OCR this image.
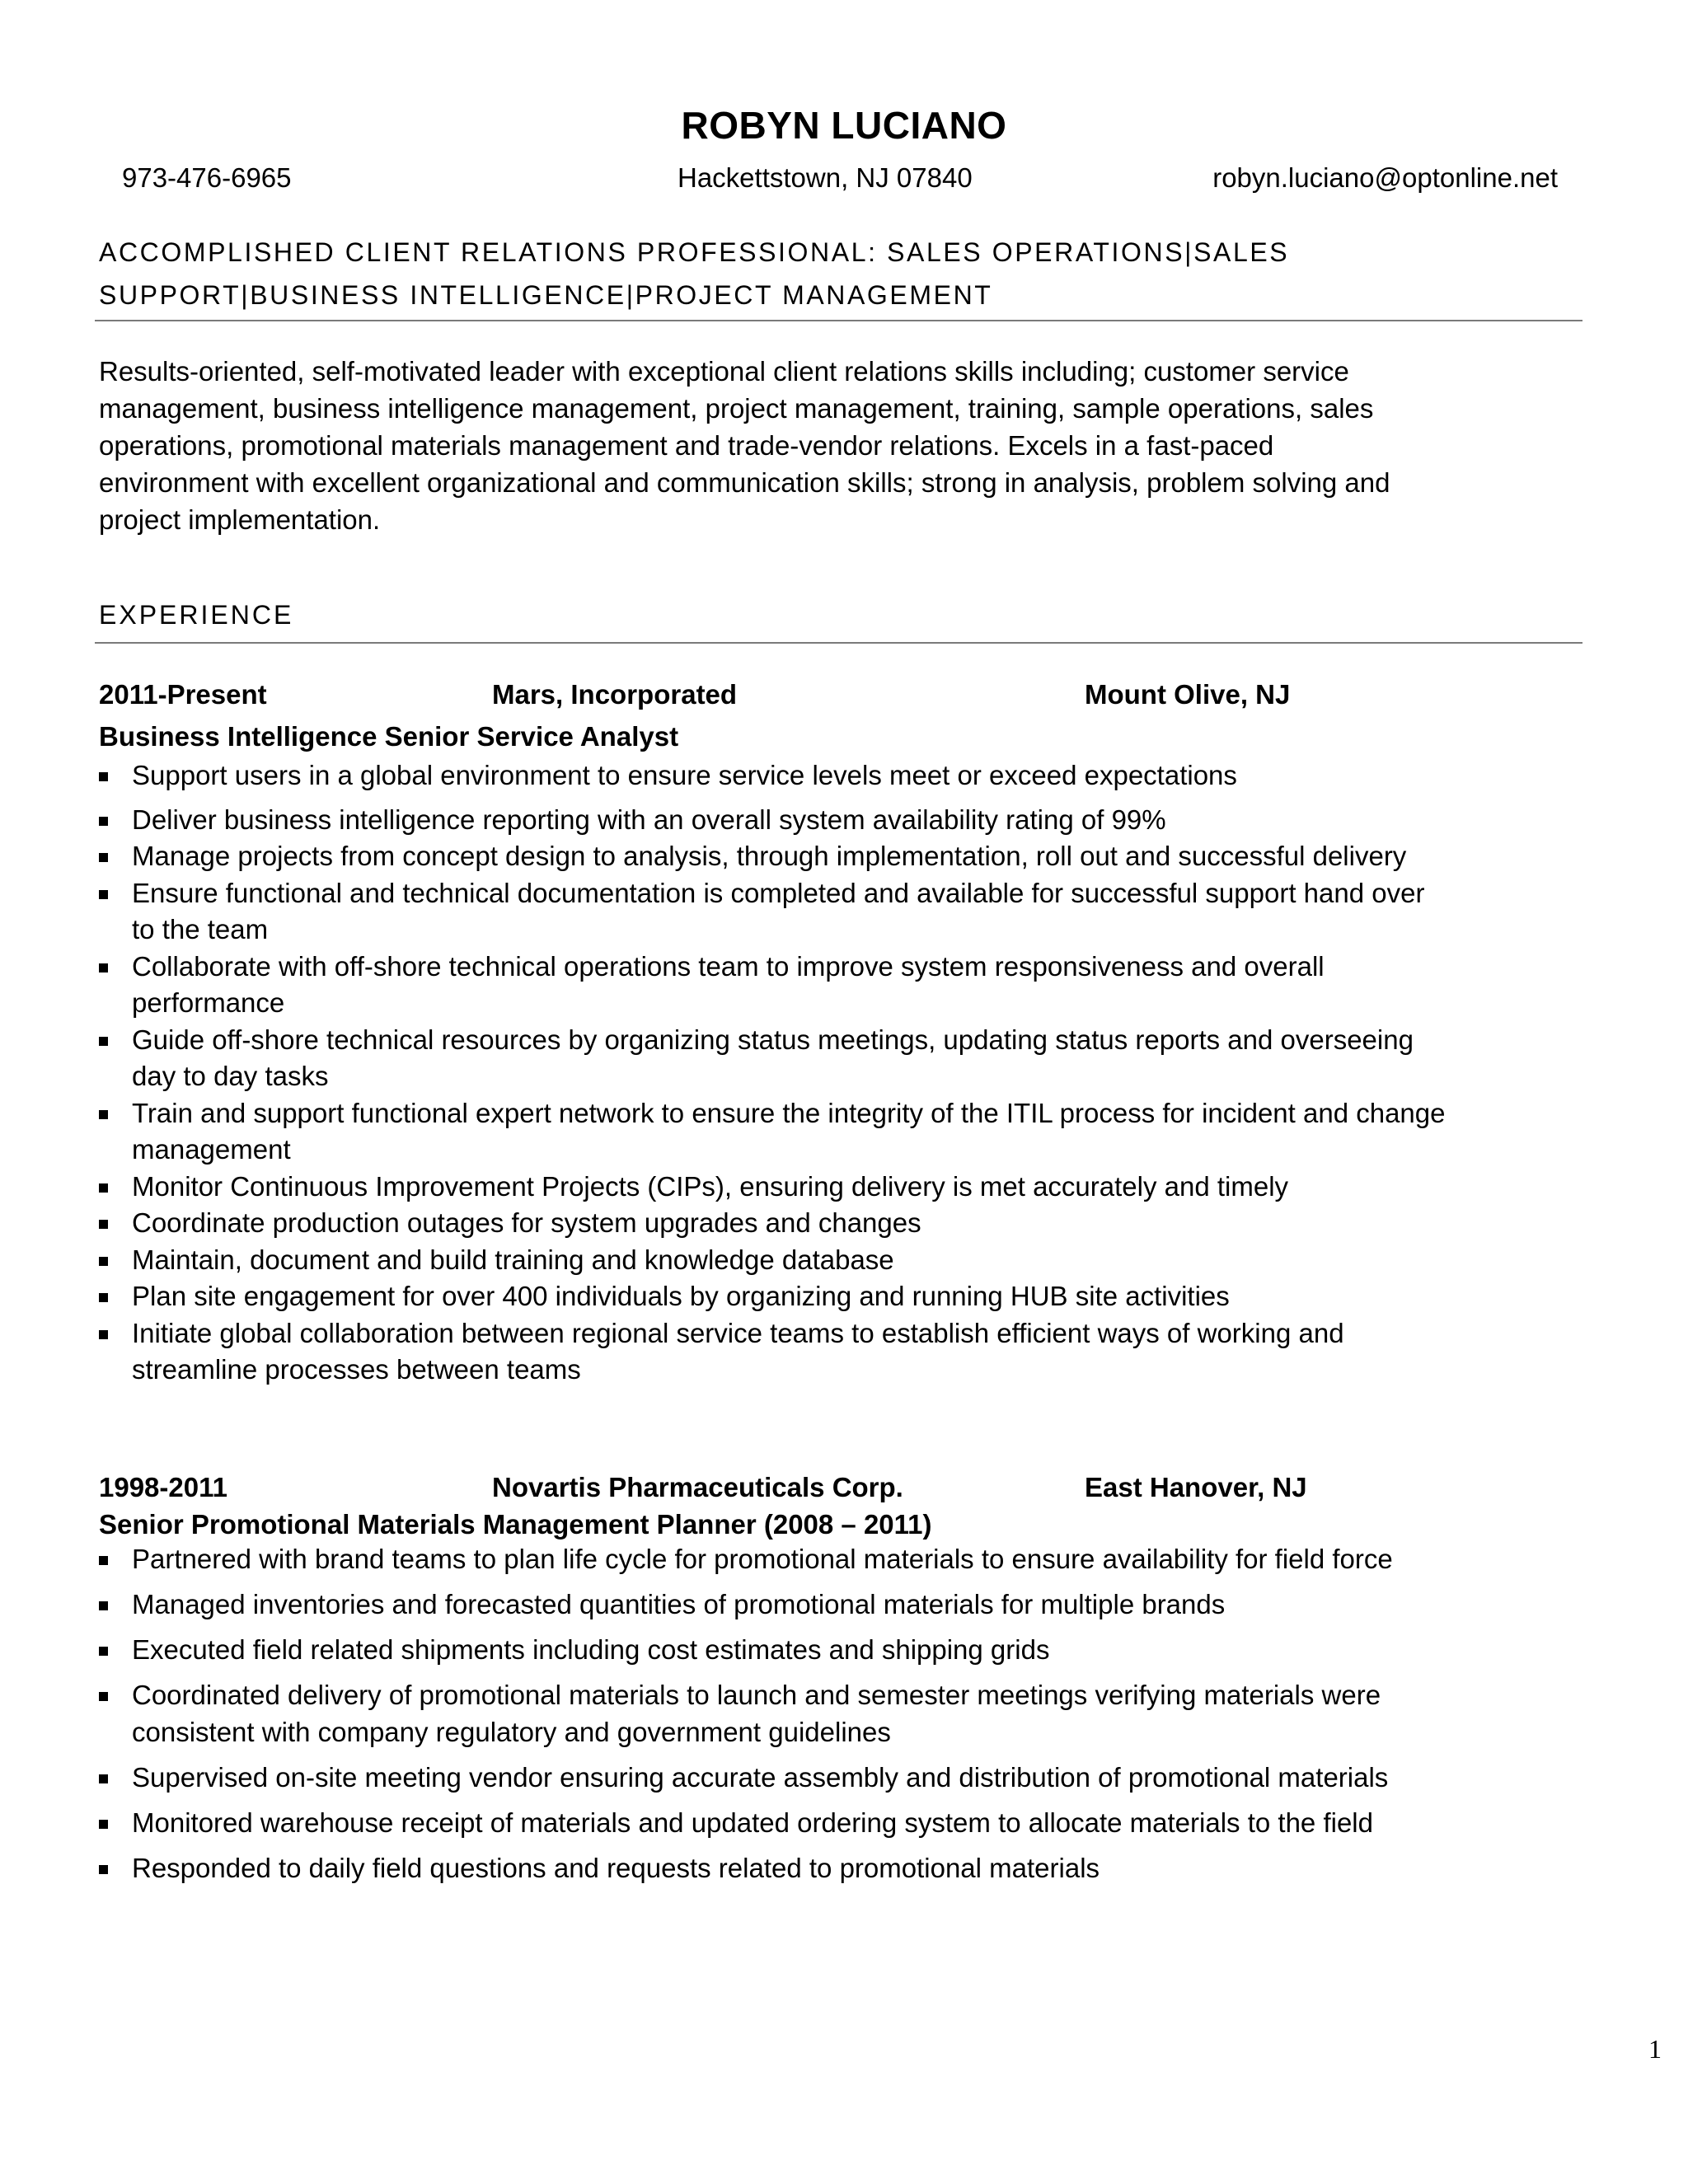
ROBYN LUCIANO
973-476-6965	Hackettstown, NJ 07840	robyn.luciano@optonline.net
ACCOMPLISHED CLIENT RELATIONS PROFESSIONAL: SALES OPERATIONS|SALES SUPPORT|BUSINESS INTELLIGENCE|PROJECT MANAGEMENT
Results-oriented, self-motivated leader with exceptional client relations skills including; customer service management, business intelligence management, project management, training, sample operations, sales operations, promotional materials management and trade-vendor relations. Excels in a fast-paced environment with excellent organizational and communication skills; strong in analysis, problem solving and project implementation.
EXPERIENCE
2011-Present	Mars, Incorporated	Mount Olive, NJ
Business Intelligence Senior Service Analyst
Support users in a global environment to ensure service levels meet or exceed expectations
Deliver business intelligence reporting with an overall system availability rating of 99%
Manage projects from concept design to analysis, through implementation, roll out and successful delivery
Ensure functional and technical documentation is completed and available for successful support hand over to the team
Collaborate with off-shore technical operations team to improve system responsiveness and overall performance
Guide off-shore technical resources by organizing status meetings, updating status reports and overseeing day to day tasks
Train and support functional expert network to ensure the integrity of the ITIL process for incident and change management
Monitor Continuous Improvement Projects (CIPs), ensuring delivery is met accurately and timely
Coordinate production outages for system upgrades and changes
Maintain, document and build training and knowledge database
Plan site engagement for over 400 individuals by organizing and running HUB site activities
Initiate global collaboration between regional service teams to establish efficient ways of working and streamline processes between teams
1998-2011	Novartis Pharmaceuticals Corp.	East Hanover, NJ
Senior Promotional Materials Management Planner (2008 – 2011)
Partnered with brand teams to plan life cycle for promotional materials to ensure availability for field force
Managed inventories and forecasted quantities of promotional materials for multiple brands
Executed field related shipments including cost estimates and shipping grids
Coordinated delivery of promotional materials to launch and semester meetings verifying materials were consistent with company regulatory and government guidelines
Supervised on-site meeting vendor ensuring accurate assembly and distribution of promotional materials
Monitored warehouse receipt of materials and updated ordering system to allocate materials to the field
Responded to daily field questions and requests related to promotional materials
1
